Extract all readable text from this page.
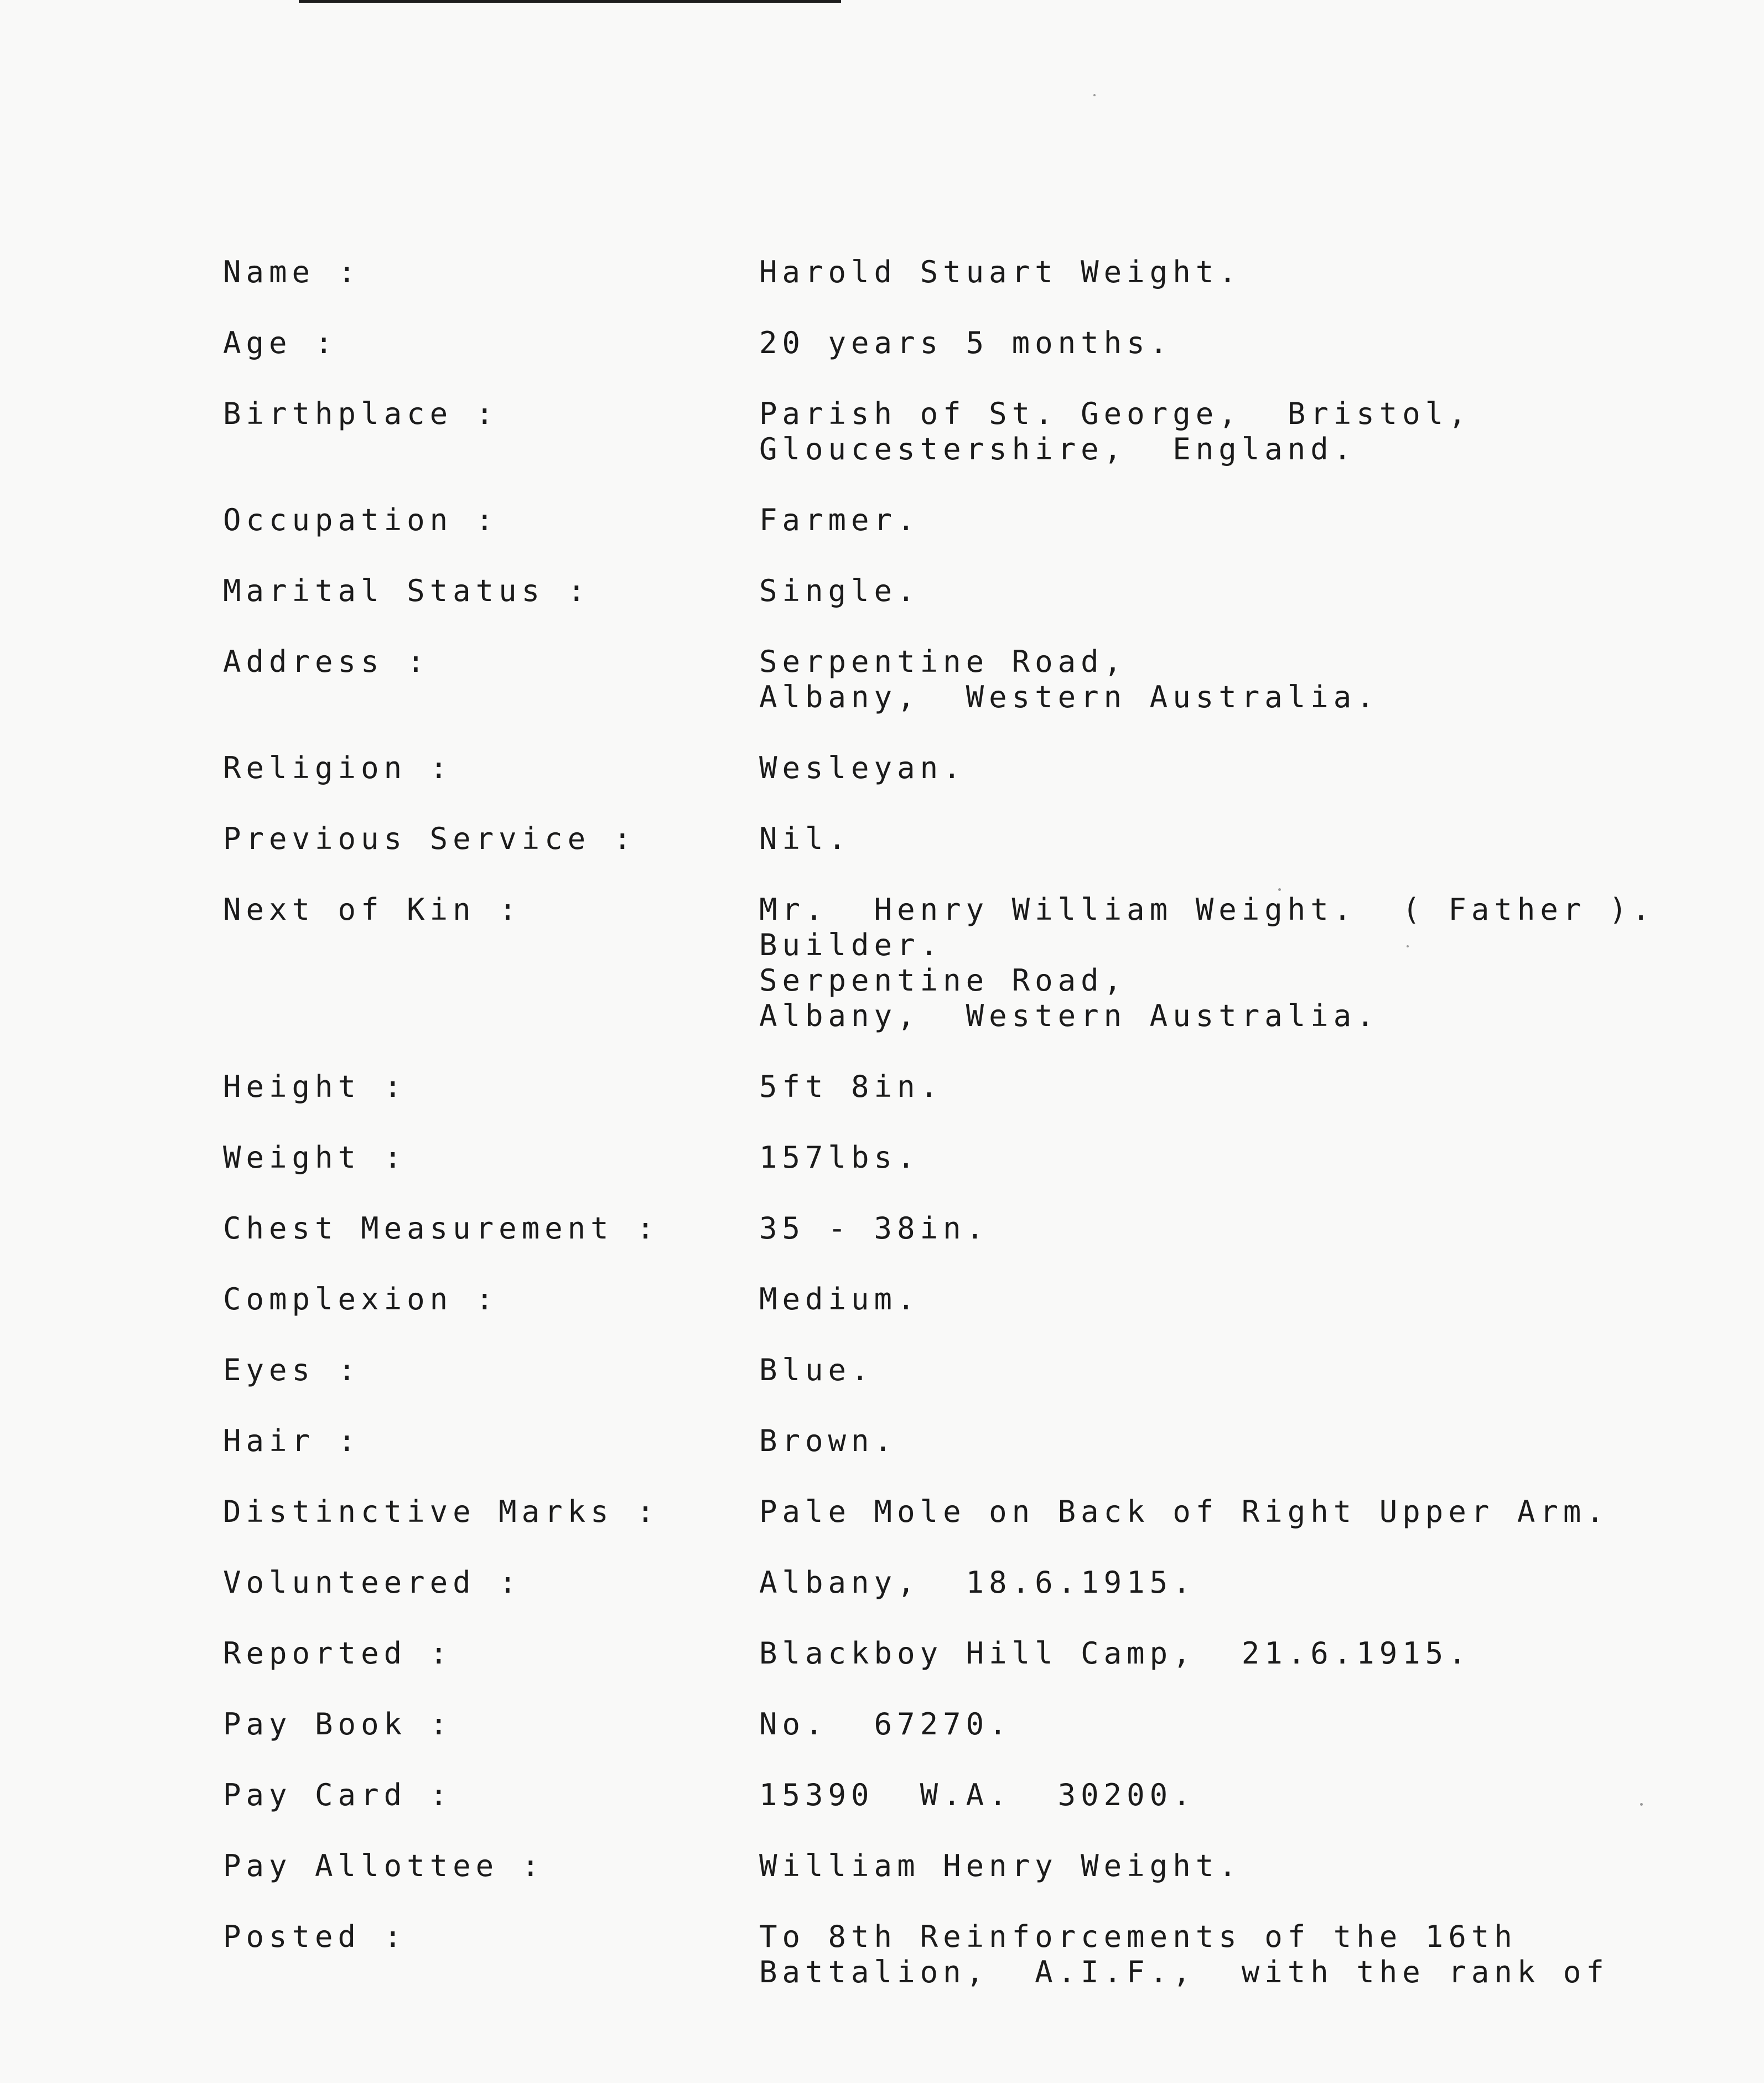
Name :	Harold Stuart Weight.
Age :	20 years 5 months.
Birthplace :	Parish of St. George,  Bristol,
Gloucestershire,  England.
Occupation :	Farmer.
Marital Status :	Single.
Address :	Serpentine Road,
Albany,  Western Australia.
Religion :	Wesleyan.
Previous Service :	Nil.
Next of Kin :	Mr.  Henry William Weight.  ( Father ).
Builder.
Serpentine Road,
Albany,  Western Australia.
Height :	5ft 8in.
Weight :	157lbs.
Chest Measurement :	35 - 38in.
Complexion :	Medium.
Eyes :	Blue.
Hair :	Brown.
Distinctive Marks :	Pale Mole on Back of Right Upper Arm.
Volunteered :	Albany,  18.6.1915.
Reported :	Blackboy Hill Camp,  21.6.1915.
Pay Book :	No.  67270.
Pay Card :	15390  W.A.  30200.
Pay Allottee :	William Henry Weight.
Posted :	To 8th Reinforcements of the 16th
Battalion,  A.I.F.,  with the rank of
